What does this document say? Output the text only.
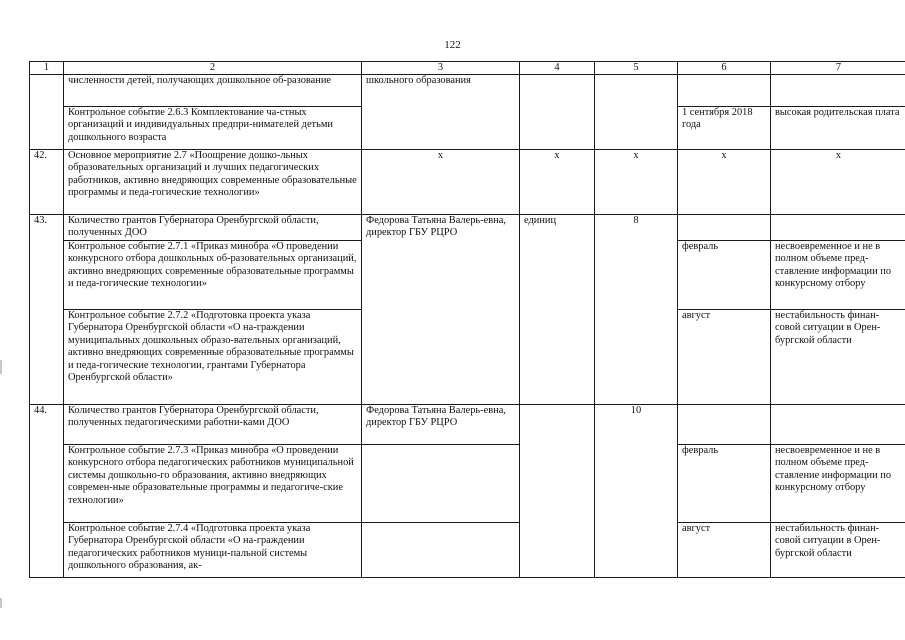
122
1	2	3	4	5	6	7
	численности детей, получающих дошкольное об-разование	школьного образования				
	Контрольное событие 2.6.3 Комплектование ча-стных организаций и индивидуальных предпри-нимателей детьми дошкольного возраста				1 сентября 2018 года	высокая родительская плата
42.	Основное мероприятие 2.7 «Поощрение дошко-льных образовательных организаций и лучших педагогических работников, активно внедряющих современные образовательные программы и педа-гогические технологии»	х	х	х	х	х
43.	Количество грантов Губернатора Оренбургской области, полученных ДОО	Федорова Татьяна Валерь-евна, директор ГБУ РЦРО	единиц	8		
	Контрольное событие 2.7.1 «Приказ минобра «О проведении конкурсного отбора дошкольных об-разовательных организаций, активно внедряющих современные образовательные программы и педа-гогические технологии»				февраль	несвоевременное и не в полном объеме пред-ставление информации по конкурсному отбору
	Контрольное событие 2.7.2 «Подготовка проекта указа Губернатора Оренбургской области «О на-граждении муниципальных дошкольных образо-вательных организаций, активно внедряющих современные образовательные программы и педа-гогические технологии, грантами Губернатора Оренбургской области»				август	нестабильность финан-совой ситуации в Орен-бургской области
44.	Количество грантов Губернатора Оренбургской области, полученных педагогическими работни-ками ДОО	Федорова Татьяна Валерь-евна, директор ГБУ РЦРО		10		
	Контрольное событие 2.7.3 «Приказ минобра «О проведении конкурсного отбора педагогических работников муниципальной системы дошкольно-го образования, активно внедряющих современ-ные образовательные программы и педагогиче-ские технологии»				февраль	несвоевременное и не в полном объеме пред-ставление информации по конкурсному отбору
	Контрольное событие 2.7.4 «Подготовка проекта указа Губернатора Оренбургской области «О на-граждении педагогических работников муници-пальной системы дошкольного образования, ак-				август	нестабильность финан-совой ситуации в Орен-бургской области
